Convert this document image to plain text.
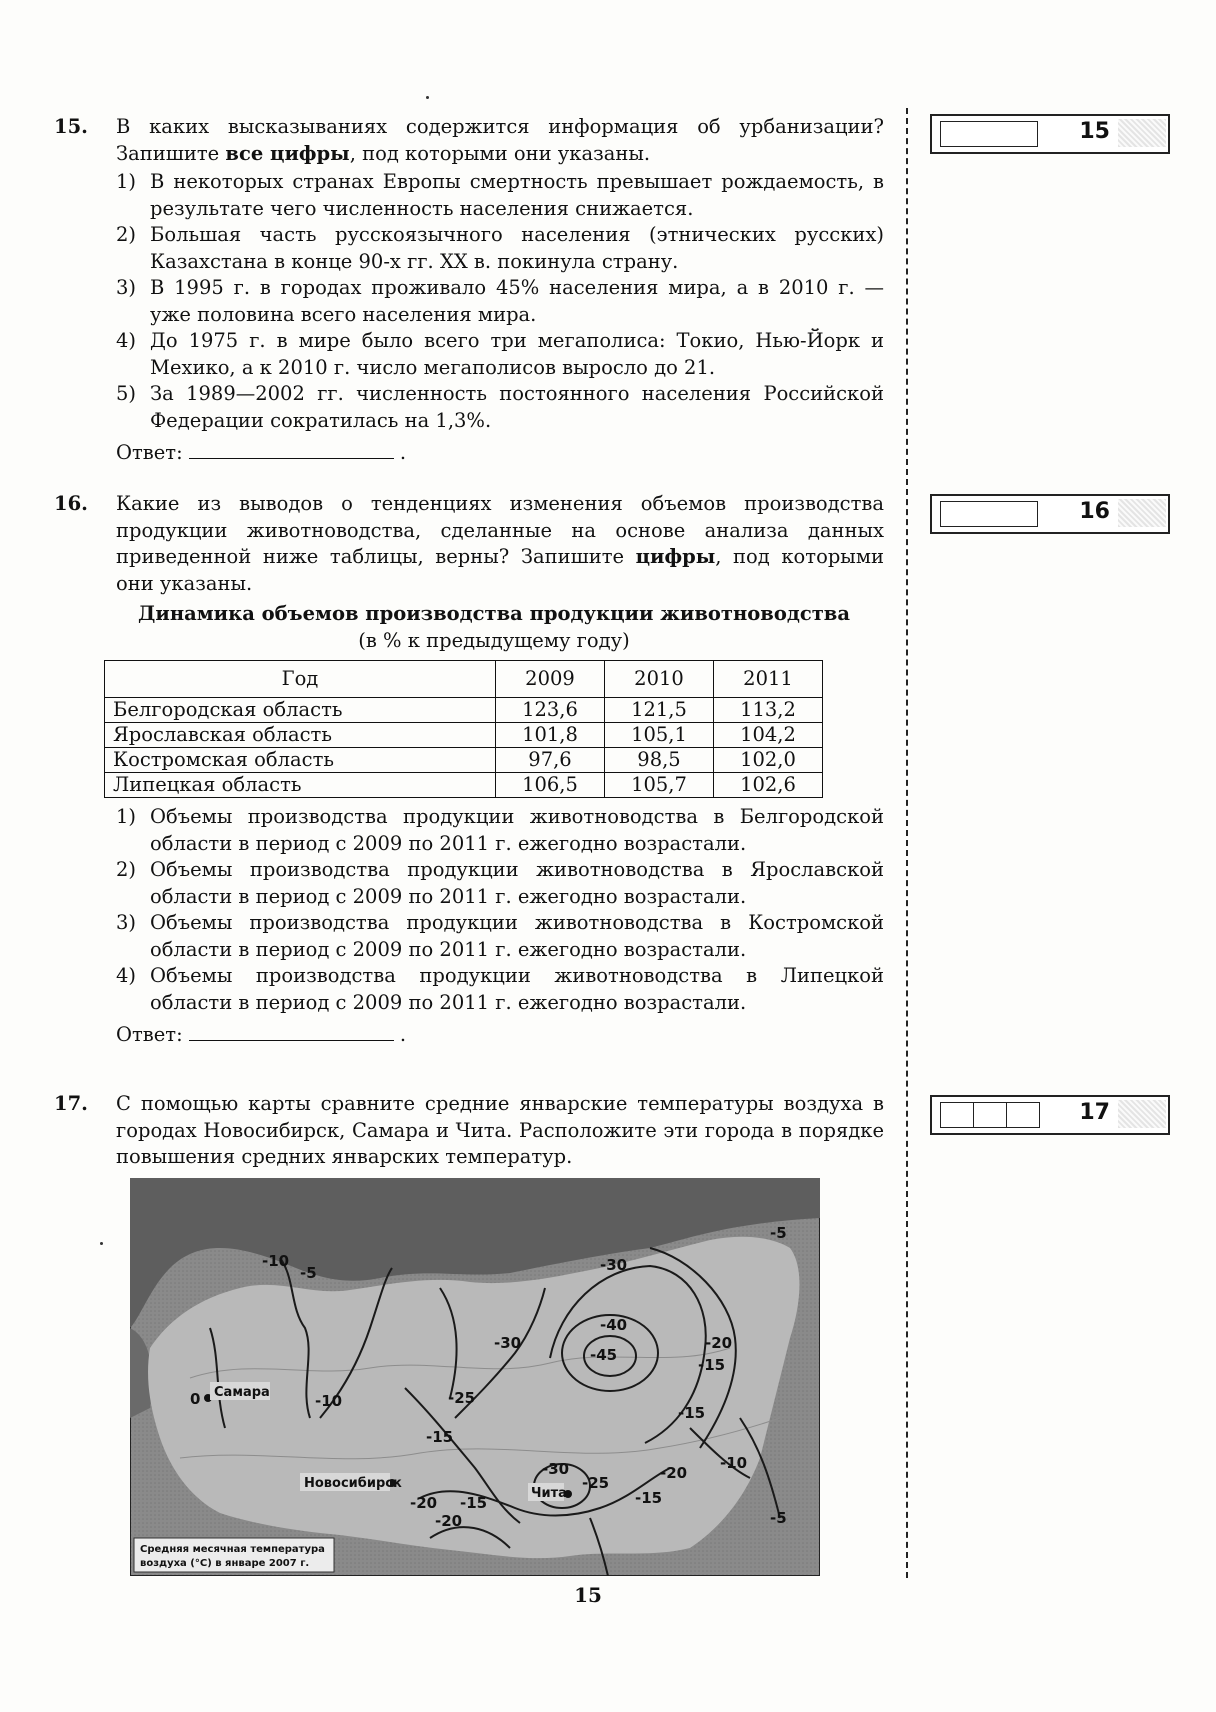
15
16
17
15.	В каких высказываниях содержится информация об урбанизации? Запишите все цифры, под которыми они указаны.
1) В некоторых странах Европы смертность превышает рождаемость, в результате чего численность населения снижается.
2) Большая часть русскоязычного населения (этнических русских) Казахстана в конце 90-х гг. XX в. покинула страну.
3) В 1995 г. в городах проживало 45% населения мира, а в 2010 г. — уже половина всего населения мира.
4) До 1975 г. в мире было всего три мегаполиса: Токио, Нью-Йорк и Мехико, а к 2010 г. число мегаполисов выросло до 21.
5) За 1989—2002 гг. численность постоянного населения Российской Федерации сократилась на 1,3%.
Ответ:	.
16.	Какие из выводов о тенденциях изменения объемов производства продукции животноводства, сделанные на основе анализа данных приведенной ниже таблицы, верны? Запишите цифры, под которыми они указаны.
Динамика объемов производства продукции животноводства
(в % к предыдущему году)
Год	2009	2010	2011
Белгородская область	123,6	121,5	113,2
Ярославская область	101,8	105,1	104,2
Костромская область	97,6	98,5	102,0
Липецкая область	106,5	105,7	102,6
1) Объемы производства продукции животноводства в Белгородской области в период с 2009 по 2011 г. ежегодно возрастали.
2) Объемы производства продукции животноводства в Ярославской области в период с 2009 по 2011 г. ежегодно возрастали.
3) Объемы производства продукции животноводства в Костромской области в период с 2009 по 2011 г. ежегодно возрастали.
4) Объемы производства продукции животноводства в Липецкой области в период с 2009 по 2011 г. ежегодно возрастали.
Ответ:	.
17.	С помощью карты сравните средние январские температуры воздуха в городах Новосибирск, Самара и Чита. Расположите эти города в порядке повышения средних январских температур.
Самара
Новосибирск
Чита
-10
-5
0	-10
-15
-20
-25
-30
-40
-45
-30	-20
-15
-15
-10
-20
-15
-25
-30
-20 -15
-5
-5
Средняя месячная температура
воздуха (°С) в январе 2007 г.
15
